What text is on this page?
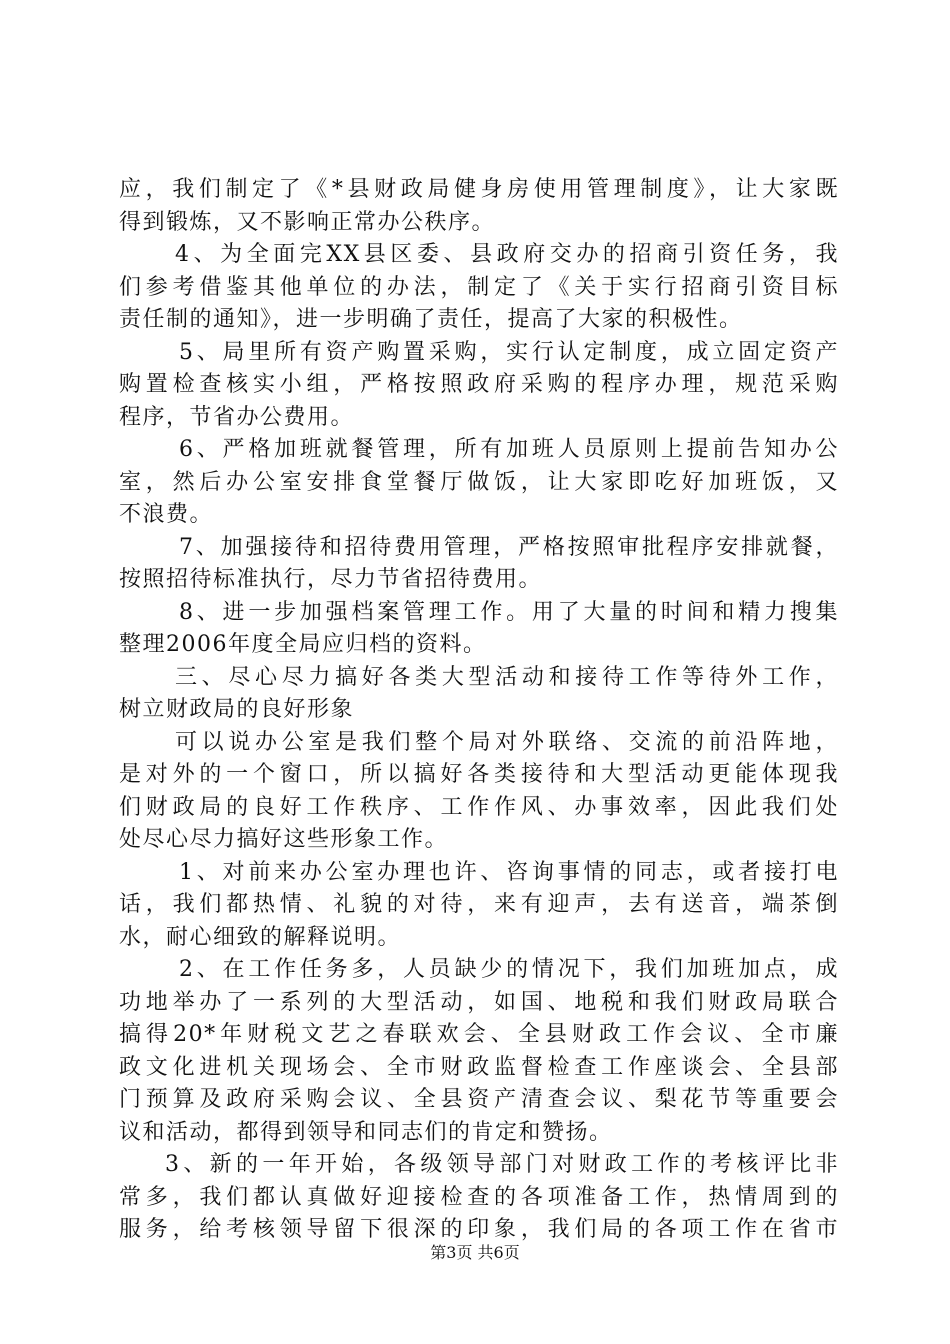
应，我们制定了《*县财政局健身房使用管理制度》，让大家既
得到锻炼，又不影响正常办公秩序。
4、为全面完XX县区委、县政府交办的招商引资任务，我
们参考借鉴其他单位的办法，制定了《关于实行招商引资目标
责任制的通知》，进一步明确了责任，提高了大家的积极性。
5、局里所有资产购置采购，实行认定制度，成立固定资产
购置检查核实小组，严格按照政府采购的程序办理，规范采购
程序，节省办公费用。
6、严格加班就餐管理，所有加班人员原则上提前告知办公
室，然后办公室安排食堂餐厅做饭，让大家即吃好加班饭，又
不浪费。
7、加强接待和招待费用管理，严格按照审批程序安排就餐，
按照招待标准执行，尽力节省招待费用。
8、进一步加强档案管理工作。用了大量的时间和精力搜集
整理2006年度全局应归档的资料。
三、尽心尽力搞好各类大型活动和接待工作等待外工作，
树立财政局的良好形象
可以说办公室是我们整个局对外联络、交流的前沿阵地，
是对外的一个窗口，所以搞好各类接待和大型活动更能体现我
们财政局的良好工作秩序、工作作风、办事效率，因此我们处
处尽心尽力搞好这些形象工作。
1、对前来办公室办理也许、咨询事情的同志，或者接打电
话，我们都热情、礼貌的对待，来有迎声，去有送音，端茶倒
水，耐心细致的解释说明。
2、在工作任务多，人员缺少的情况下，我们加班加点，成
功地举办了一系列的大型活动，如国、地税和我们财政局联合
搞得20*年财税文艺之春联欢会、全县财政工作会议、全市廉
政文化进机关现场会、全市财政监督检查工作座谈会、全县部
门预算及政府采购会议、全县资产清查会议、梨花节等重要会
议和活动，都得到领导和同志们的肯定和赞扬。
3、新的一年开始，各级领导部门对财政工作的考核评比非
常多，我们都认真做好迎接检查的各项准备工作，热情周到的
服务，给考核领导留下很深的印象，我们局的各项工作在省市
第3页 共6页
